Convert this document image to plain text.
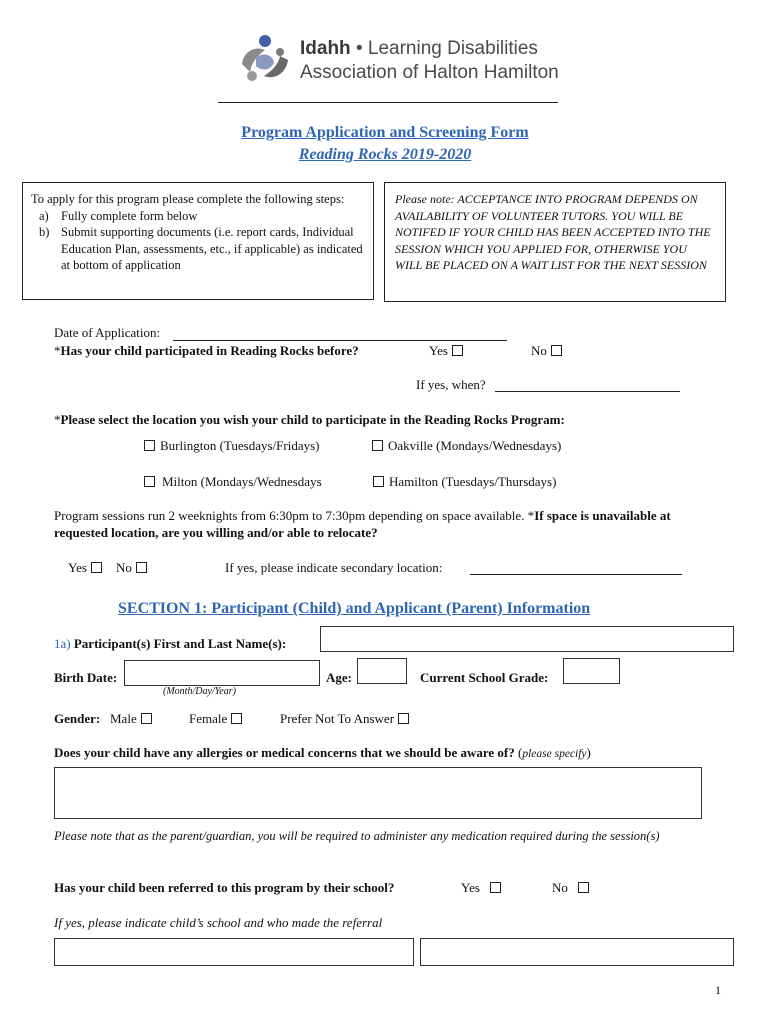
Idahh • Learning Disabilities
Association of Halton Hamilton
Program Application and Screening Form
Reading Rocks 2019-2020
To apply for this program please complete the following steps:
a) Fully complete form below
b) Submit supporting documents (i.e. report cards, Individual Education Plan, assessments, etc., if applicable) as indicated at bottom of application
Please note: ACCEPTANCE INTO PROGRAM DEPENDS ON AVAILABILITY OF VOLUNTEER TUTORS. YOU WILL BE NOTIFED IF YOUR CHILD HAS BEEN ACCEPTED INTO THE SESSION WHICH YOU APPLIED FOR, OTHERWISE YOU WILL BE PLACED ON A WAIT LIST FOR THE NEXT SESSION
Date of Application:
*Has your child participated in Reading Rocks before?	Yes	No
If yes, when?
*Please select the location you wish your child to participate in the Reading Rocks Program:
Burlington (Tuesdays/Fridays)	Oakville (Mondays/Wednesdays)
Milton (Mondays/Wednesdays	Hamilton (Tuesdays/Thursdays)
Program sessions run 2 weeknights from 6:30pm to 7:30pm depending on space available. *If space is unavailable at requested location, are you willing and/or able to relocate?
Yes	No	If yes, please indicate secondary location:
SECTION 1: Participant (Child) and Applicant (Parent) Information
1a) Participant(s) First and Last Name(s):
Birth Date:
(Month/Day/Year)
Age:	Current School Grade:
Gender: Male	Female	Prefer Not To Answer
Does your child have any allergies or medical concerns that we should be aware of? (please specify)
Please note that as the parent/guardian, you will be required to administer any medication required during the session(s)
Has your child been referred to this program by their school?	Yes	No
If yes, please indicate child’s school and who made the referral
1
